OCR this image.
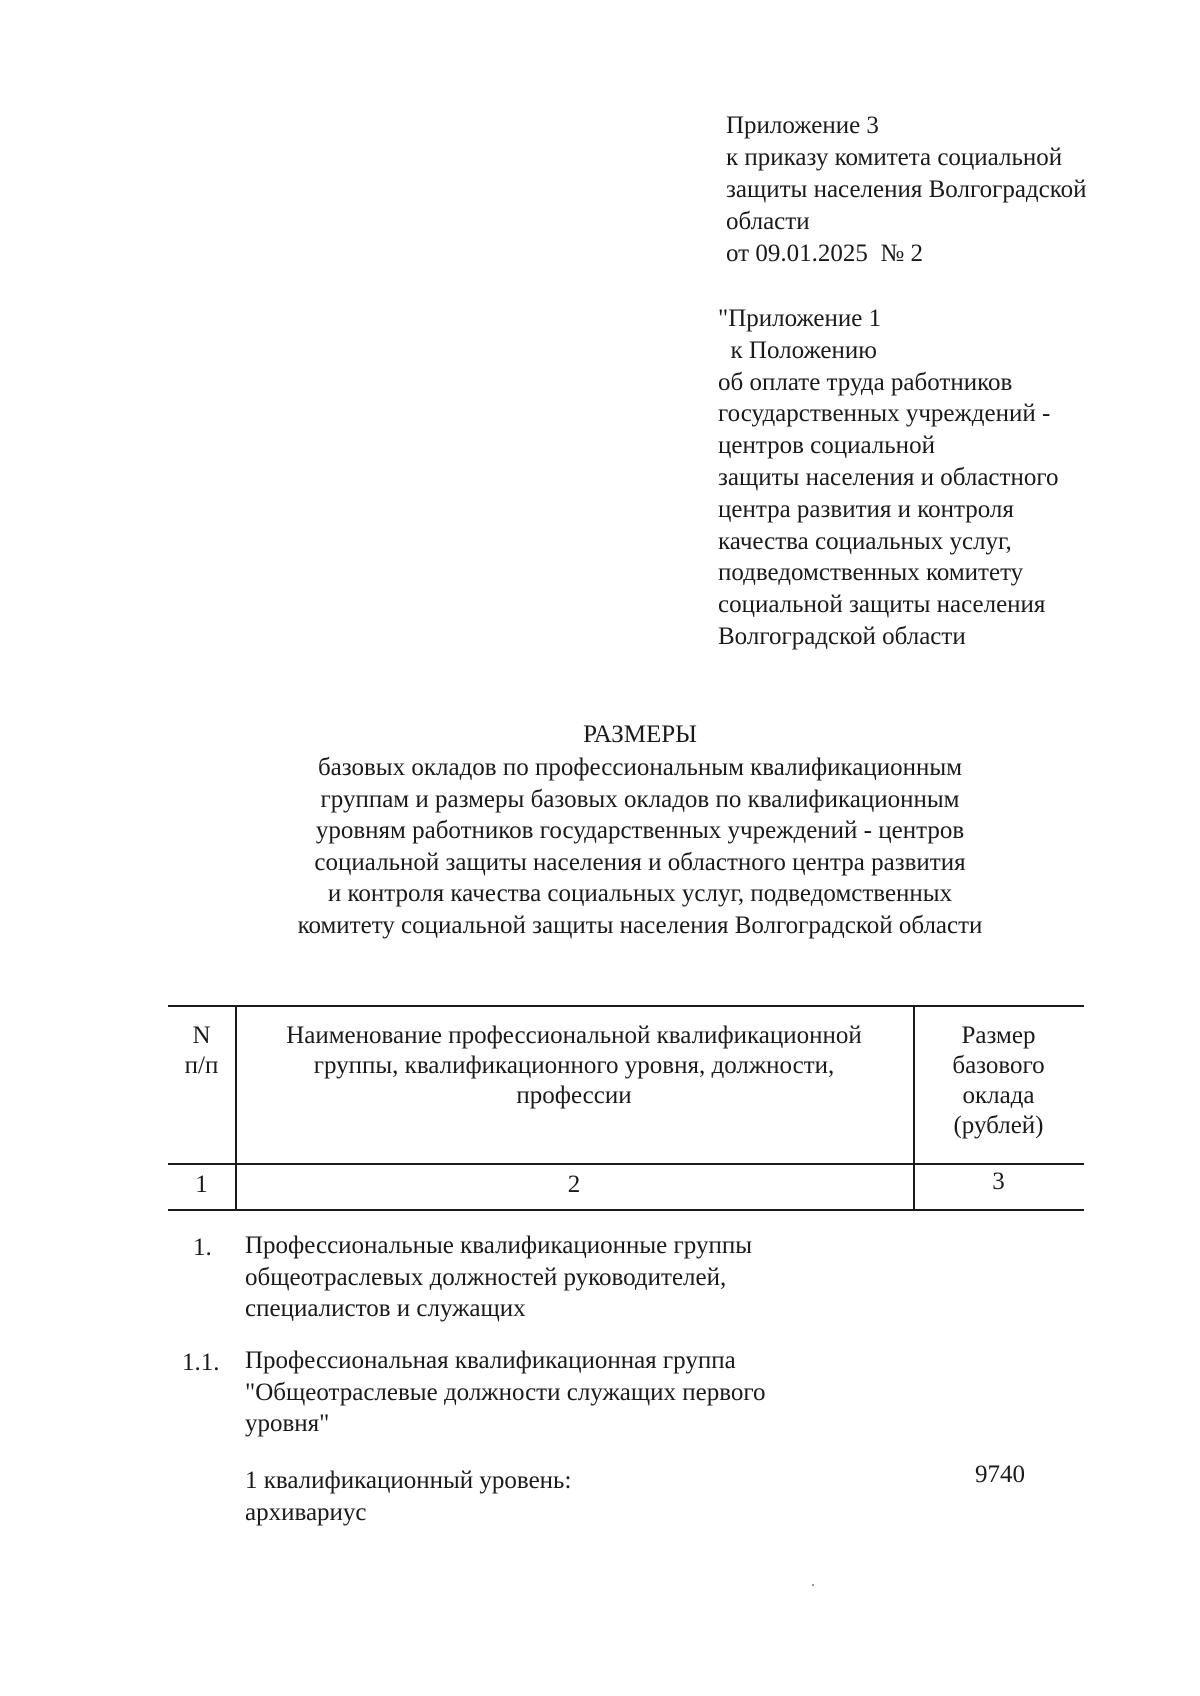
Приложение 3
к приказу комитета социальной
защиты населения Волгоградской
области
от 09.01.2025  № 2
"Приложение 1
к Положению
об оплате труда работников
государственных учреждений -
центров социальной
защиты населения и областного
центра развития и контроля
качества социальных услуг,
подведомственных комитету
социальной защиты населения
Волгоградской области
РАЗМЕРЫ
базовых окладов по профессиональным квалификационным
группам и размеры базовых окладов по квалификационным
уровням работников государственных учреждений - центров
социальной защиты населения и областного центра развития
и контроля качества социальных услуг, подведомственных
комитету социальной защиты населения Волгоградской области
N
п/п
Наименование профессиональной квалификационной
группы, квалификационного уровня, должности,
профессии
Размер
базового
оклада
(рублей)
1	2	3
1. Профессиональные квалификационные группы
общеотраслевых должностей руководителей,
специалистов и служащих
1.1. Профессиональная квалификационная группа
"Общеотраслевые должности служащих первого
уровня"
1 квалификационный уровень:
архивариус
9740
